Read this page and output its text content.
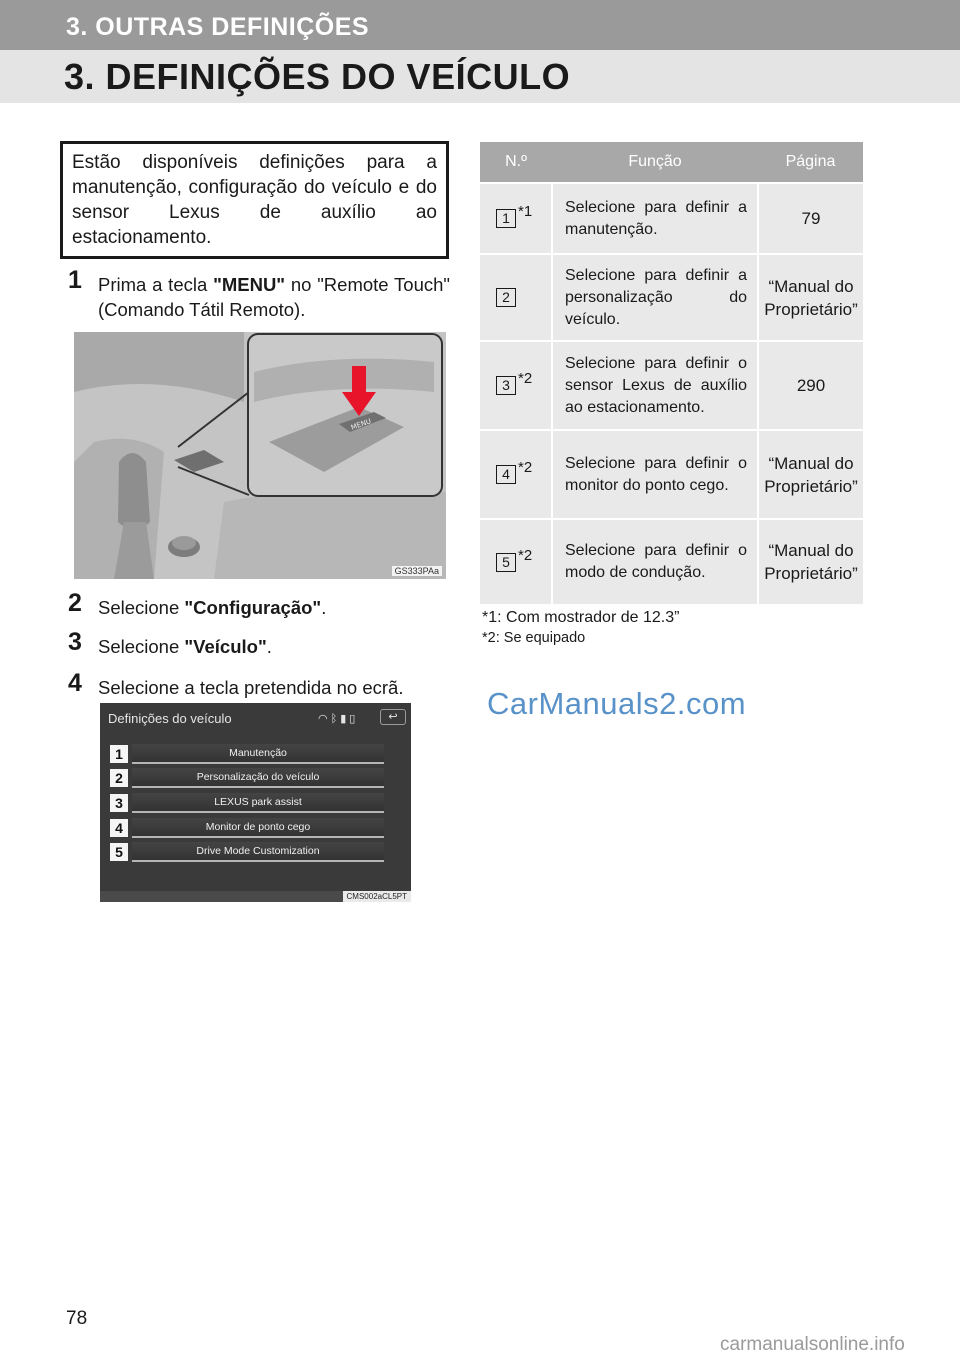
3. OUTRAS DEFINIÇÕES
3. DEFINIÇÕES DO VEÍCULO
Estão disponíveis definições para a manutenção, configuração do veículo e do sensor Lexus de auxílio ao estacionamento.
1 Prima a tecla "MENU" no "Remote Touch" (Comando Tátil Remoto).
MENU
GS333PAa
2 Selecione "Configuração".
3 Selecione "Veículo".
4 Selecione a tecla pretendida no ecrã.
Definições do veículo	◠ᛒ▮▯	↩
1	Manutenção
2	Personalização do veículo
3	LEXUS park assist
4	Monitor de ponto cego
5	Drive Mode Customization
CMS002aCL5PT
N.º	Função	Página
1 *1	Selecione para definir a manutenção.	79
2	Selecione para definir a personalização do veículo.	“Manual do Proprietário”
3 *2	Selecione para definir o sensor Lexus de auxílio ao estacionamento.	290
4 *2	Selecione para definir o monitor do ponto cego.	“Manual do Proprietário”
5 *2	Selecione para definir o modo de condução.	“Manual do Proprietário”
*1: Com mostrador de 12.3”
*2: Se equipado
CarManuals2.com
carmanualsonline.info
78
